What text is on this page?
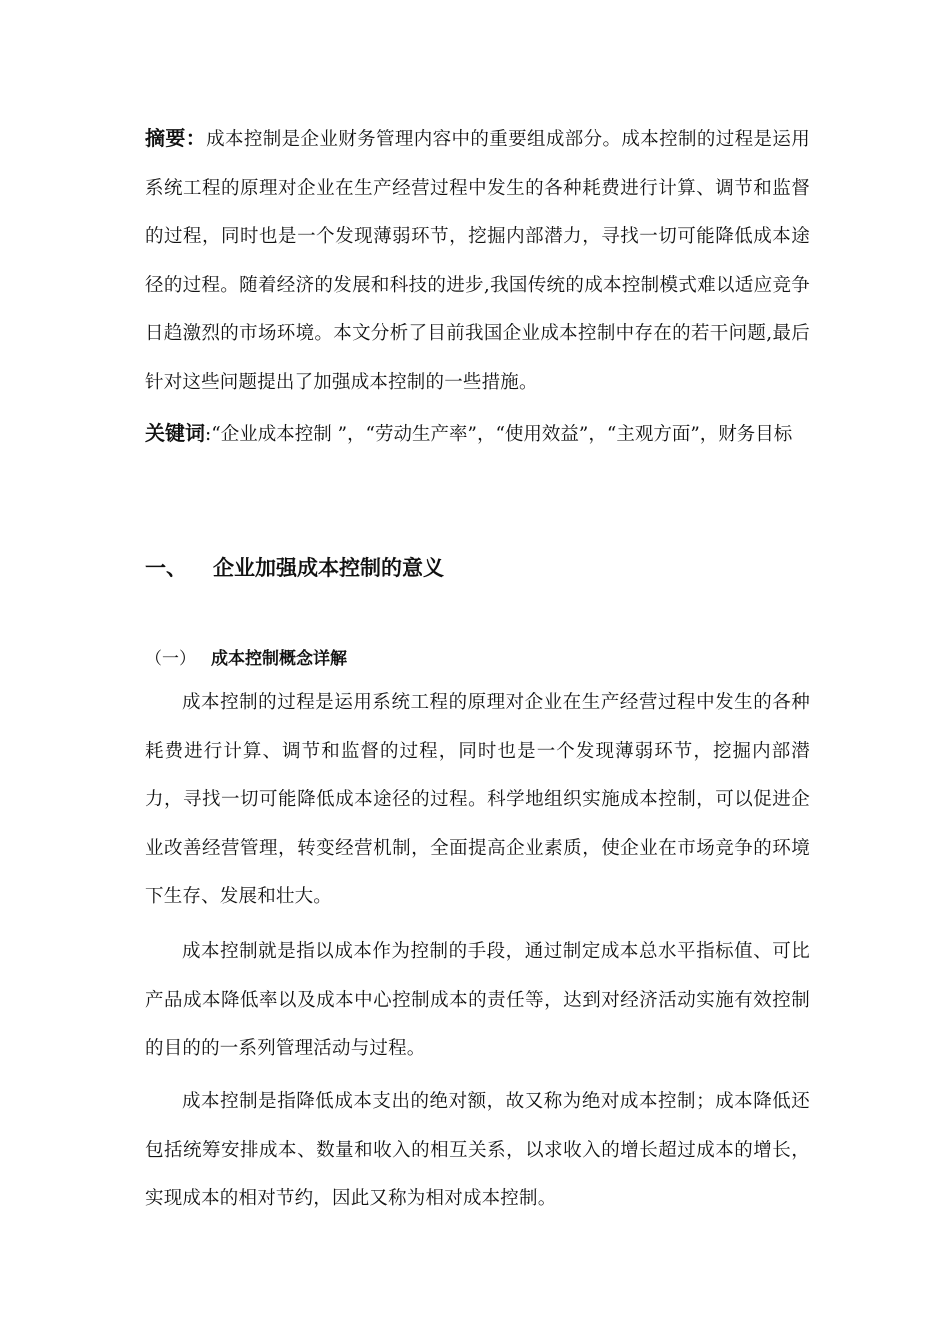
摘要：成本控制是企业财务管理内容中的重要组成部分。成本控制的过程是运用系统工程的原理对企业在生产经营过程中发生的各种耗费进行计算、调节和监督的过程，同时也是一个发现薄弱环节，挖掘内部潜力，寻找一切可能降低成本途径的过程。随着经济的发展和科技的进步,我国传统的成本控制模式难以适应竞争日趋激烈的市场环境。本文分析了目前我国企业成本控制中存在的若干问题,最后针对这些问题提出了加强成本控制的一些措施。

关键词:“企业成本控制 ”，“劳动生产率”，“使用效益”，“主观方面”，财务目标

一、 企业加强成本控制的意义
（一） 成本控制概念详解

成本控制的过程是运用系统工程的原理对企业在生产经营过程中发生的各种耗费进行计算、调节和监督的过程，同时也是一个发现薄弱环节，挖掘内部潜力，寻找一切可能降低成本途径的过程。科学地组织实施成本控制，可以促进企业改善经营管理，转变经营机制，全面提高企业素质，使企业在市场竞争的环境下生存、发展和壮大。

成本控制就是指以成本作为控制的手段，通过制定成本总水平指标值、可比产品成本降低率以及成本中心控制成本的责任等，达到对经济活动实施有效控制的目的的一系列管理活动与过程。

成本控制是指降低成本支出的绝对额，故又称为绝对成本控制；成本降低还包括统筹安排成本、数量和收入的相互关系，以求收入的增长超过成本的增长，实现成本的相对节约，因此又称为相对成本控制。
